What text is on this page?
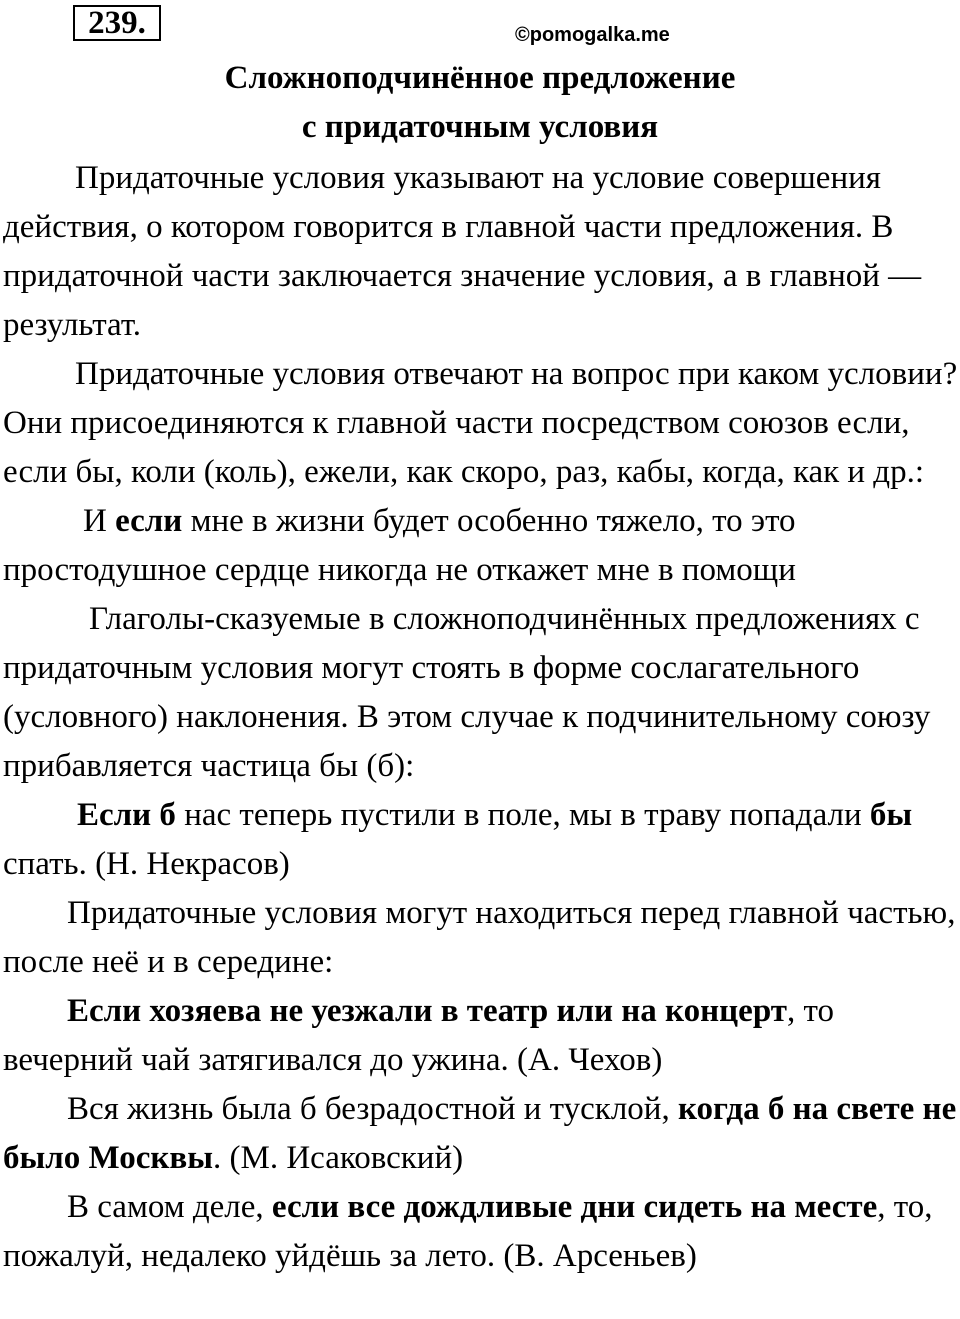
239.	©pomogalka.me
Сложноподчинённое предложение
с придаточным условия

Придаточные условия указывают на условие совершения действия, о котором говорится в главной части предложения. В придаточной части заключается значение условия, а в главной — результат.

Придаточные условия отвечают на вопрос при каком условии? Они присоединяются к главной части посредством союзов если, если бы, коли (коль), ежели, как скоро, раз, кабы, когда, как и др.:

И если мне в жизни будет особенно тяжело, то это простодушное сердце никогда не откажет мне в помощи

Глаголы-сказуемые в сложноподчинённых предложениях с придаточным условия могут стоять в форме сослагательного (условного) наклонения. В этом случае к подчинительному союзу прибавляется частица бы (б):

Если б нас теперь пустили в поле, мы в траву попадали бы спать. (Н. Некрасов)

Придаточные условия могут находиться перед главной частью, после неё и в середине:

Если хозяева не уезжали в театр или на концерт, то вечерний чай затягивался до ужина. (А. Чехов)

Вся жизнь была б безрадостной и тусклой, когда б на свете не было Москвы. (М. Исаковский)

В самом деле, если все дождливые дни сидеть на месте, то, пожалуй, недалеко уйдёшь за лето. (В. Арсеньев)
